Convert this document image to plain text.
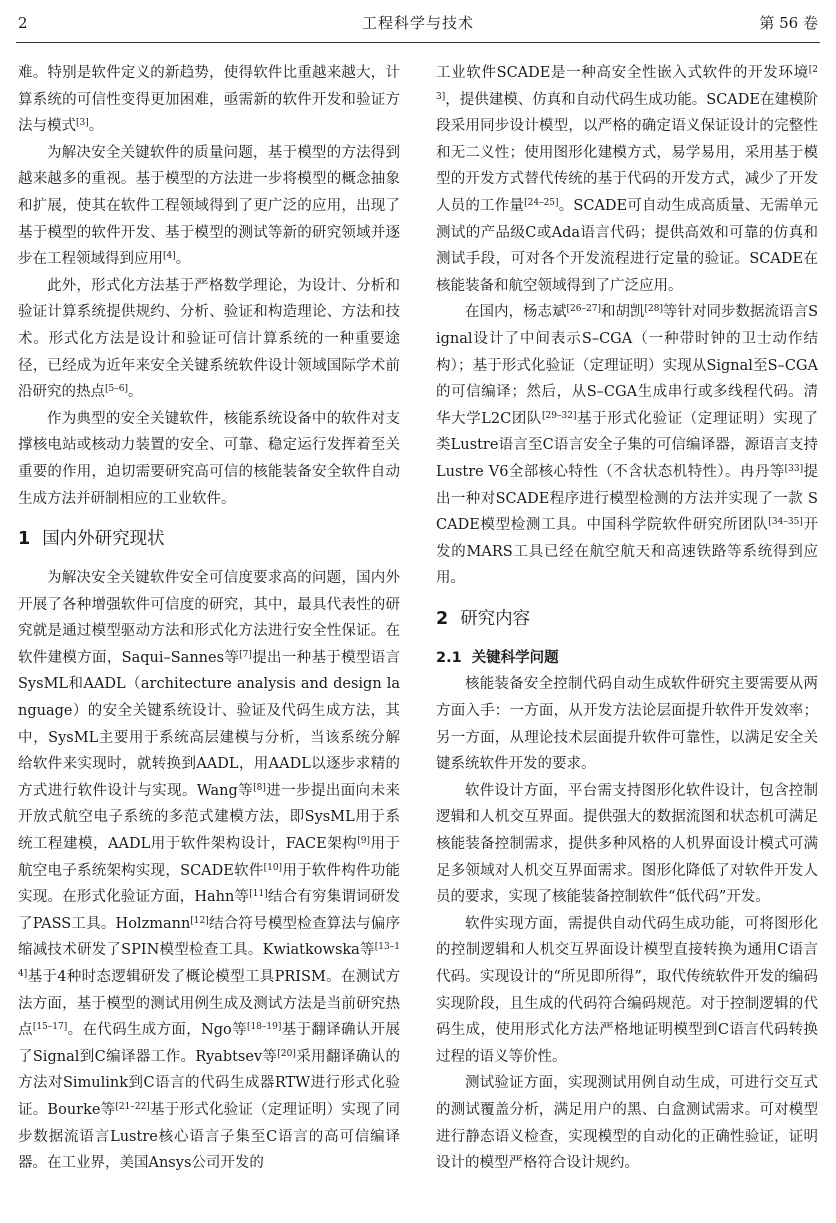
2	工程科学与技术	第 56 卷

难。特别是软件定义的新趋势，使得软件比重越来越大，计算系统的可信性变得更加困难，亟需新的软件开发和验证方法与模式[3]。

为解决安全关键软件的质量问题，基于模型的方法得到越来越多的重视。基于模型的方法进一步将模型的概念抽象和扩展，使其在软件工程领域得到了更广泛的应用，出现了基于模型的软件开发、基于模型的测试等新的研究领域并逐步在工程领域得到应用[4]。

此外，形式化方法基于严格数学理论，为设计、分析和验证计算系统提供规约、分析、验证和构造理论、方法和技术。形式化方法是设计和验证可信计算系统的一种重要途径，已经成为近年来安全关键系统软件设计领域国际学术前沿研究的热点[5–6]。

作为典型的安全关键软件，核能系统设备中的软件对支撑核电站或核动力装置的安全、可靠、稳定运行发挥着至关重要的作用，迫切需要研究高可信的核能装备安全软件自动生成方法并研制相应的工业软件。

1 国内外研究现状

为解决安全关键软件安全可信度要求高的问题，国内外开展了各种增强软件可信度的研究，其中，最具代表性的研究就是通过模型驱动方法和形式化方法进行安全性保证。在软件建模方面，Saqui–Sannes等[7]提出一种基于模型语言SysML和AADL（architecture analysis and design language）的安全关键系统设计、验证及代码生成方法，其中，SysML主要用于系统高层建模与分析，当该系统分解给软件来实现时，就转换到AADL，用AADL以逐步求精的方式进行软件设计与实现。Wang等[8]进一步提出面向未来开放式航空电子系统的多范式建模方法，即SysML用于系统工程建模，AADL用于软件架构设计，FACE架构[9]用于航空电子系统架构实现，SCADE软件[10]用于软件构件功能实现。在形式化验证方面，Hahn等[11]结合有穷集谓词研发了PASS工具。Holzmann[12]结合符号模型检查算法与偏序缩减技术研发了SPIN模型检查工具。Kwiatkowska等[13–14]基于4种时态逻辑研发了概论模型工具PRISM。在测试方法方面，基于模型的测试用例生成及测试方法是当前研究热点[15–17]。在代码生成方面，Ngo等[18–19]基于翻译确认开展了Signal到C编译器工作。Ryabtsev等[20]采用翻译确认的方法对Simulink到C语言的代码生成器RTW进行形式化验证。Bourke等[21–22]基于形式化验证（定理证明）实现了同步数据流语言Lustre核心语言子集至C语言的高可信编译器。在工业界，美国Ansys公司开发的

工业软件SCADE是一种高安全性嵌入式软件的开发环境[23]，提供建模、仿真和自动代码生成功能。SCADE在建模阶段采用同步设计模型，以严格的确定语义保证设计的完整性和无二义性；使用图形化建模方式，易学易用，采用基于模型的开发方式替代传统的基于代码的开发方式，减少了开发人员的工作量[24–25]。SCADE可自动生成高质量、无需单元测试的产品级C或Ada语言代码；提供高效和可靠的仿真和测试手段，可对各个开发流程进行定量的验证。SCADE在核能装备和航空领域得到了广泛应用。

在国内，杨志斌[26–27]和胡凯[28]等针对同步数据流语言Signal设计了中间表示S–CGA（一种带时钟的卫士动作结构）；基于形式化验证（定理证明）实现从Signal至S–CGA的可信编译；然后，从S–CGA生成串行或多线程代码。清华大学L2C团队[29–32]基于形式化验证（定理证明）实现了类Lustre语言至C语言安全子集的可信编译器，源语言支持Lustre V6全部核心特性（不含状态机特性）。冉丹等[33]提出一种对SCADE程序进行模型检测的方法并实现了一款 SCADE模型检测工具。中国科学院软件研究所团队[34–35]开发的MARS工具已经在航空航天和高速铁路等系统得到应用。

2 研究内容
2.1 关键科学问题

核能装备安全控制代码自动生成软件研究主要需要从两方面入手：一方面，从开发方法论层面提升软件开发效率；另一方面，从理论技术层面提升软件可靠性，以满足安全关键系统软件开发的要求。

软件设计方面，平台需支持图形化软件设计，包含控制逻辑和人机交互界面。提供强大的数据流图和状态机可满足核能装备控制需求，提供多种风格的人机界面设计模式可满足多领域对人机交互界面需求。图形化降低了对软件开发人员的要求，实现了核能装备控制软件“低代码”开发。

软件实现方面，需提供自动代码生成功能，可将图形化的控制逻辑和人机交互界面设计模型直接转换为通用C语言代码。实现设计的“所见即所得”，取代传统软件开发的编码实现阶段，且生成的代码符合编码规范。对于控制逻辑的代码生成，使用形式化方法严格地证明模型到C语言代码转换过程的语义等价性。

测试验证方面，实现测试用例自动生成，可进行交互式的测试覆盖分析，满足用户的黑、白盒测试需求。可对模型进行静态语义检查，实现模型的自动化的正确性验证，证明设计的模型严格符合设计规约。
